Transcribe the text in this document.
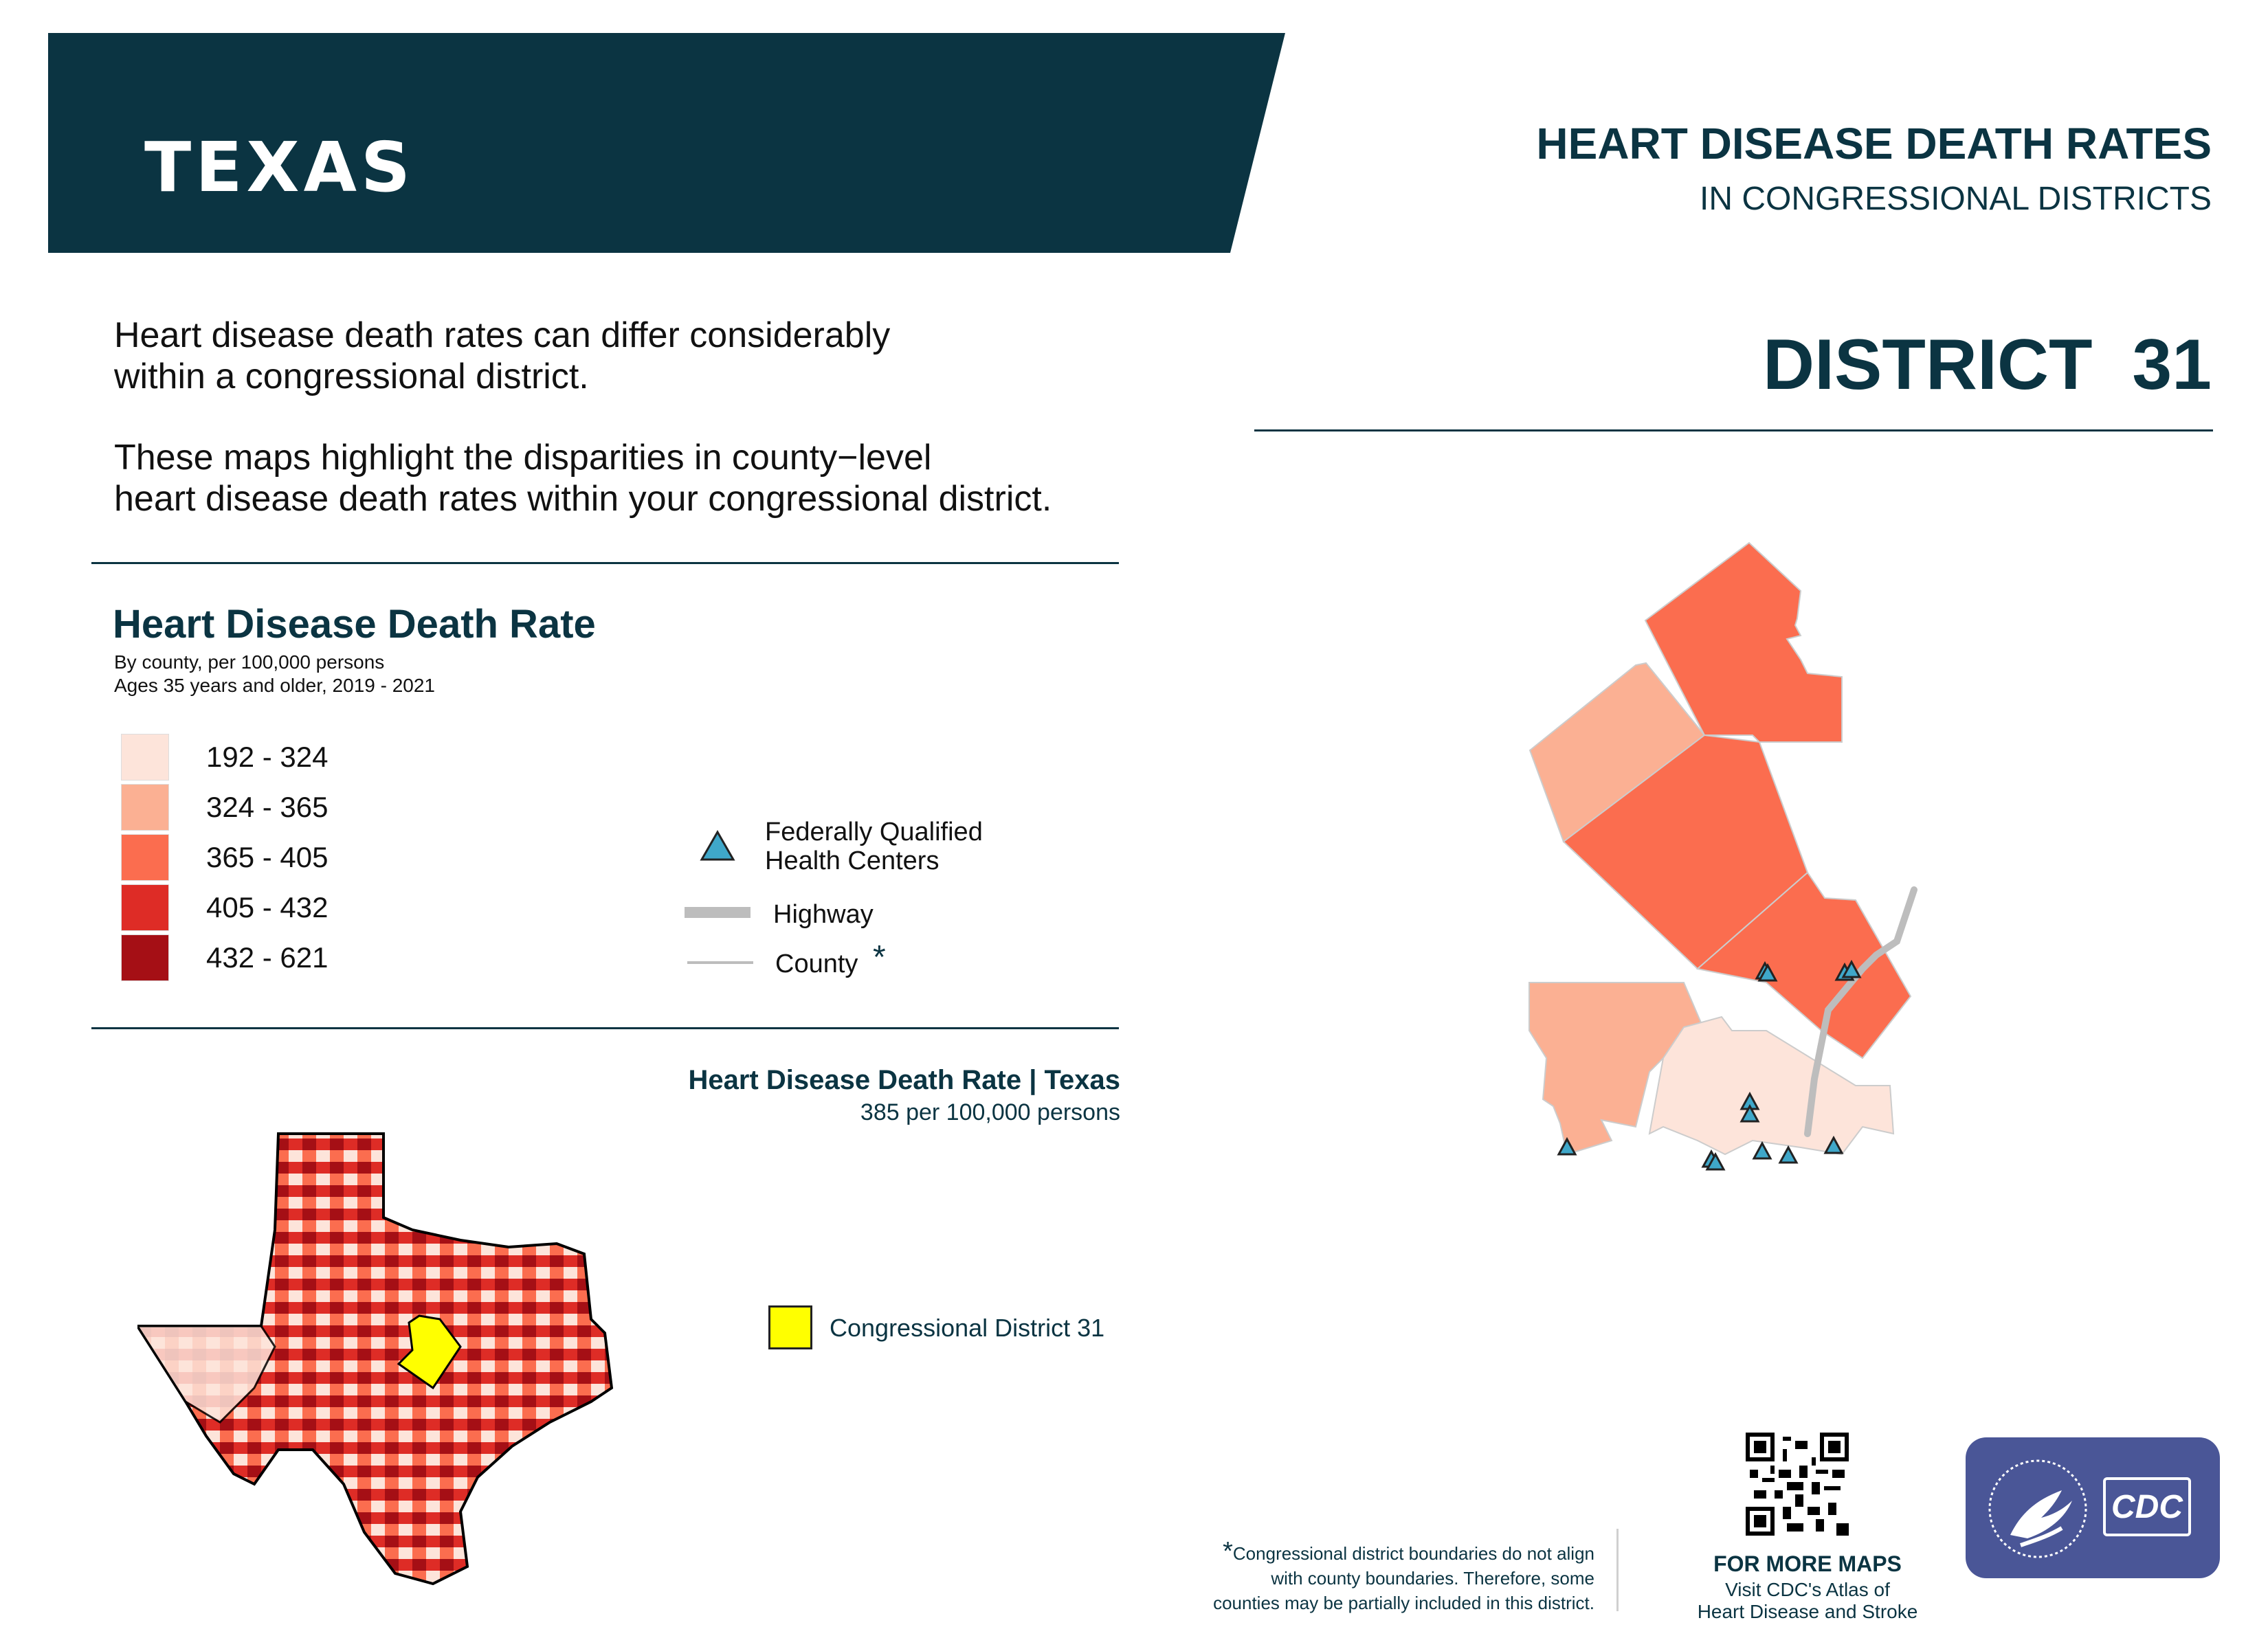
TEXAS	HEART DISEASE DEATH RATES
IN CONGRESSIONAL DISTRICTS
DISTRICT  31
Heart disease death rates can differ considerably
within a congressional district.
These maps highlight the disparities in county−level
heart disease death rates within your congressional district.
Heart Disease Death Rate
By county, per 100,000 persons
Ages 35 years and older, 2019 - 2021
192 - 324
324 - 365
365 - 405
405 - 432
432 - 621
Federally Qualified
Health Centers
Highway
County *
Heart Disease Death Rate | Texas
385 per 100,000 persons
Congressional District 31
*Congressional district boundaries do not align
with county boundaries. Therefore, some
counties may be partially included in this district.
FOR MORE MAPS
Visit CDC's Atlas of
Heart Disease and Stroke
CDC
